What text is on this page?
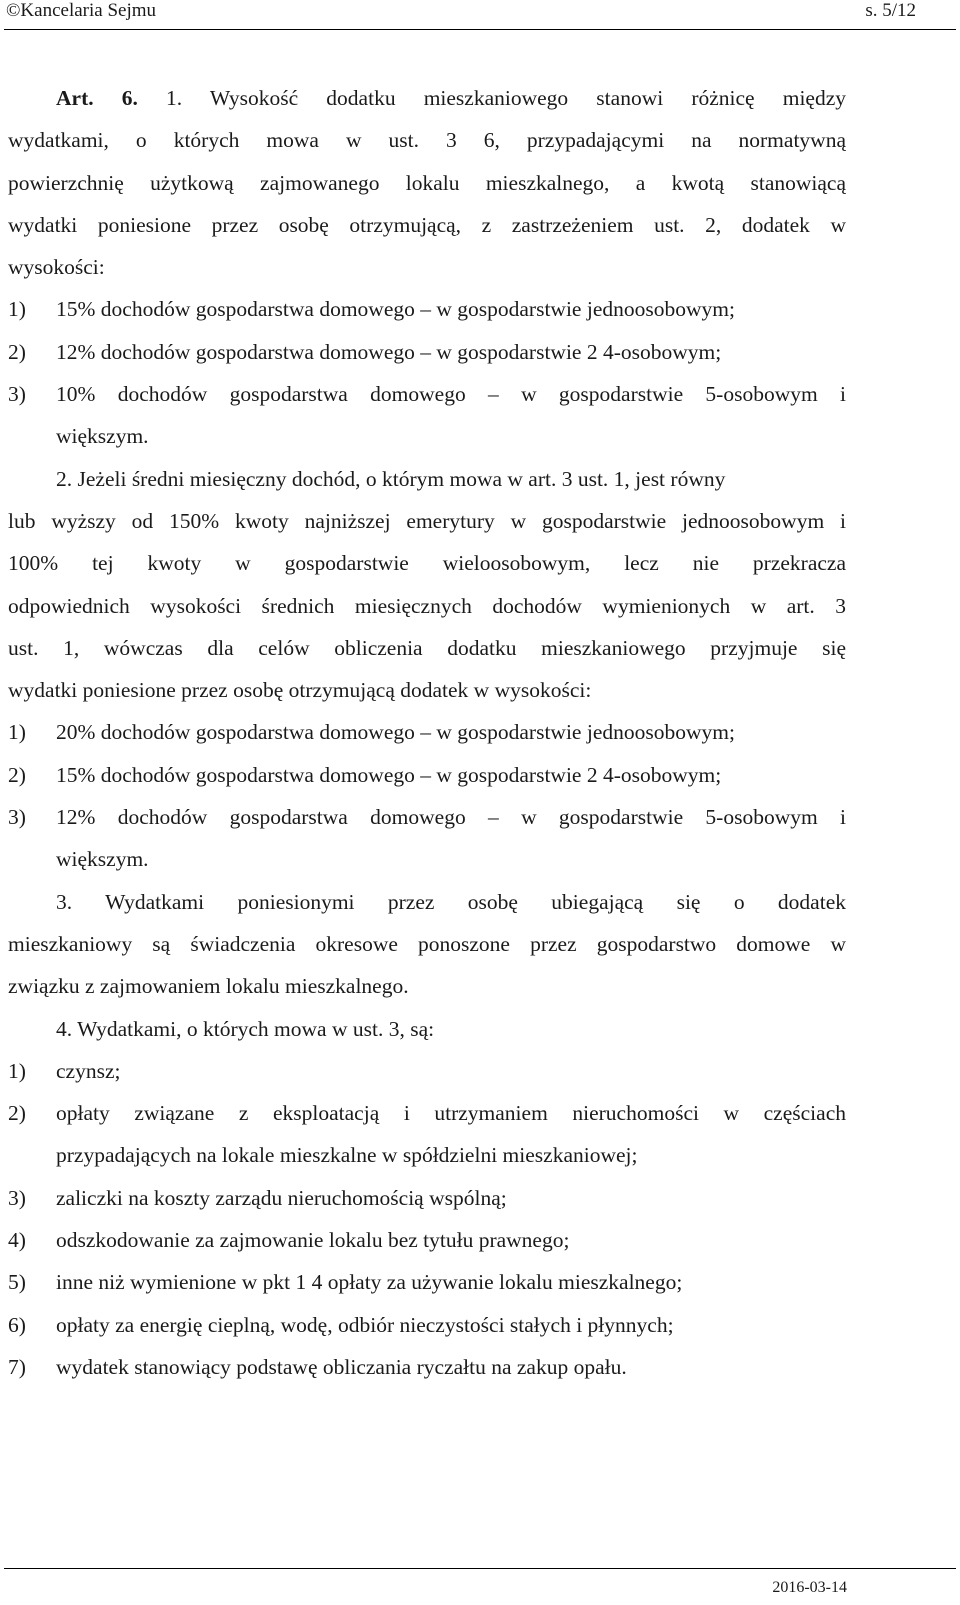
©Kancelaria Sejmu	s. 5/12
Art. 6. 1. Wysokość dodatku mieszkaniowego stanowi różnicę między
wydatkami, o których mowa w ust. 3 6, przypadającymi na normatywną
powierzchnię użytkową zajmowanego lokalu mieszkalnego, a kwotą stanowiącą
wydatki poniesione przez osobę otrzymującą, z zastrzeżeniem ust. 2, dodatek w
wysokości:
1) 15% dochodów gospodarstwa domowego – w gospodarstwie jednoosobowym;
2) 12% dochodów gospodarstwa domowego – w gospodarstwie 2 4-osobowym;
3) 10% dochodów gospodarstwa domowego – w gospodarstwie 5-osobowym i
większym.
2. Jeżeli średni miesięczny dochód, o którym mowa w art. 3 ust. 1, jest równy
lub wyższy od 150% kwoty najniższej emerytury w gospodarstwie jednoosobowym i
100% tej kwoty w gospodarstwie wieloosobowym, lecz nie przekracza
odpowiednich wysokości średnich miesięcznych dochodów wymienionych w art. 3
ust. 1, wówczas dla celów obliczenia dodatku mieszkaniowego przyjmuje się
wydatki poniesione przez osobę otrzymującą dodatek w wysokości:
1) 20% dochodów gospodarstwa domowego – w gospodarstwie jednoosobowym;
2) 15% dochodów gospodarstwa domowego – w gospodarstwie 2 4-osobowym;
3) 12% dochodów gospodarstwa domowego – w gospodarstwie 5-osobowym i
większym.
3. Wydatkami poniesionymi przez osobę ubiegającą się o dodatek
mieszkaniowy są świadczenia okresowe ponoszone przez gospodarstwo domowe w
związku z zajmowaniem lokalu mieszkalnego.
4. Wydatkami, o których mowa w ust. 3, są:
1) czynsz;
2) opłaty związane z eksploatacją i utrzymaniem nieruchomości w częściach
przypadających na lokale mieszkalne w spółdzielni mieszkaniowej;
3) zaliczki na koszty zarządu nieruchomością wspólną;
4) odszkodowanie za zajmowanie lokalu bez tytułu prawnego;
5) inne niż wymienione w pkt 1 4 opłaty za używanie lokalu mieszkalnego;
6) opłaty za energię cieplną, wodę, odbiór nieczystości stałych i płynnych;
7) wydatek stanowiący podstawę obliczania ryczałtu na zakup opału.
2016-03-14
